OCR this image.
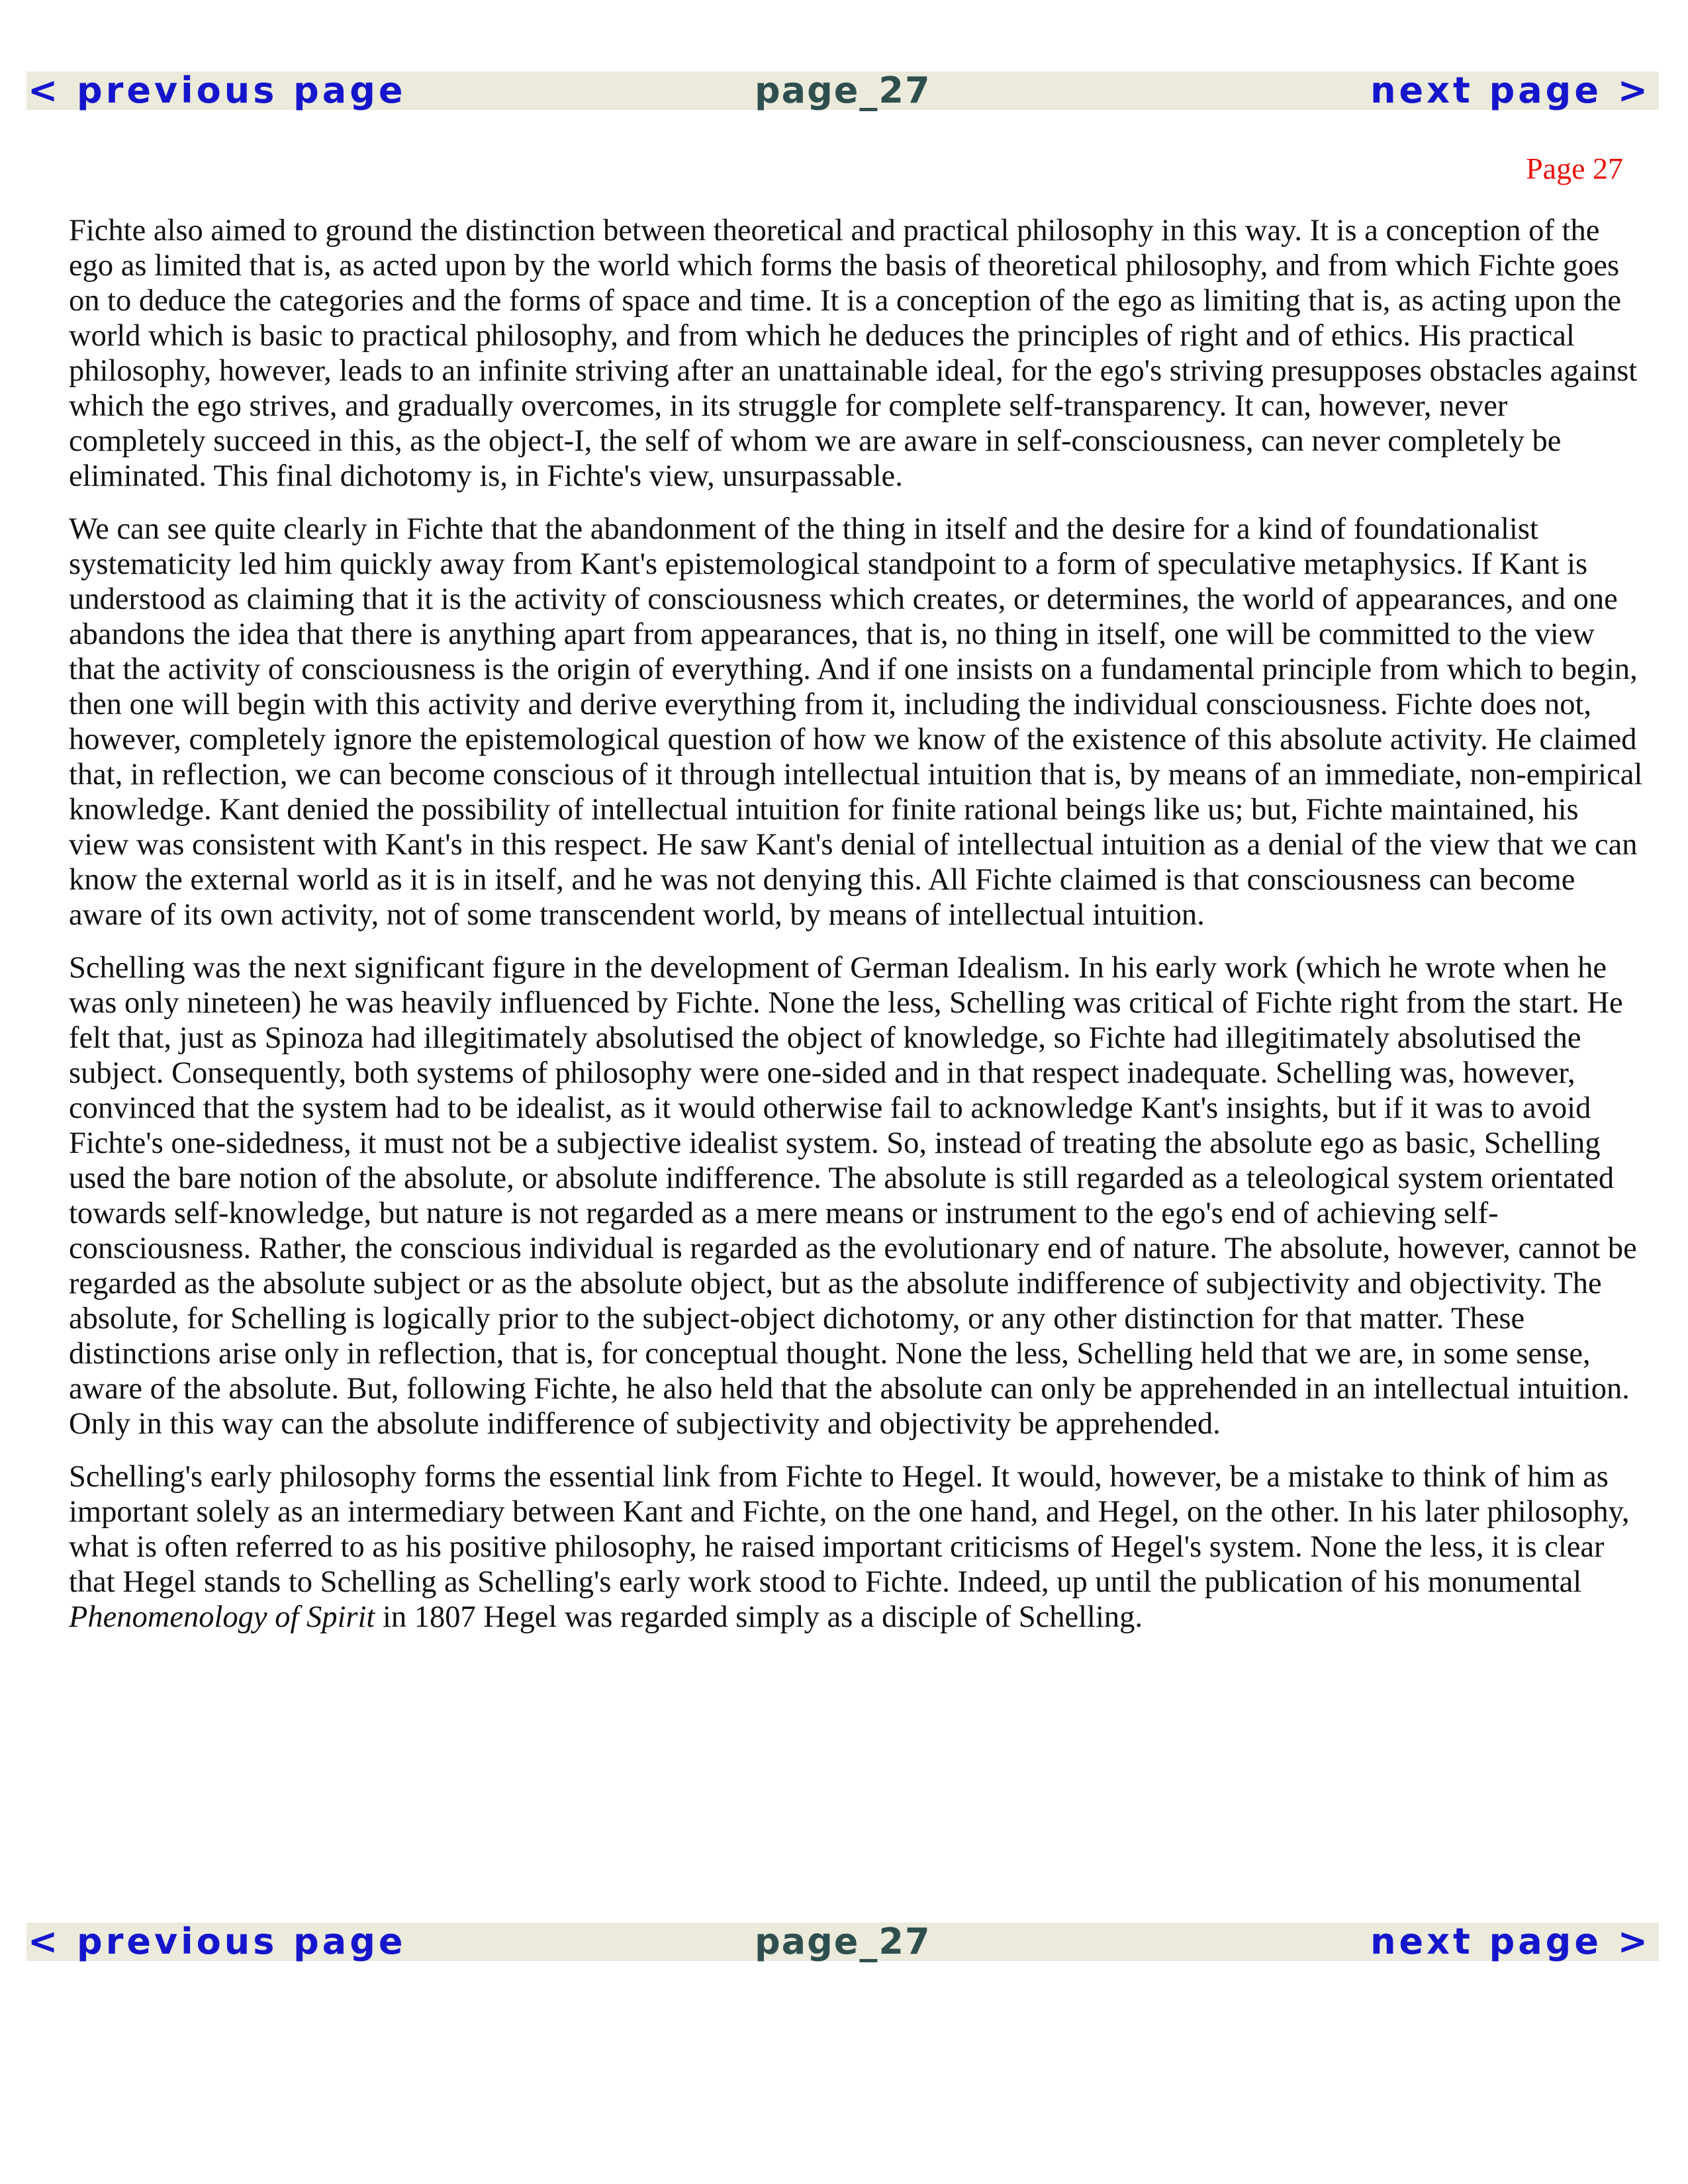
< previous page	page_27	next page >
Page 27

Fichte also aimed to ground the distinction between theoretical and practical philosophy in this way. It is a conception of the ego as limited that is, as acted upon by the world which forms the basis of theoretical philosophy, and from which Fichte goes on to deduce the categories and the forms of space and time. It is a conception of the ego as limiting that is, as acting upon the world which is basic to practical philosophy, and from which he deduces the principles of right and of ethics. His practical philosophy, however, leads to an infinite striving after an unattainable ideal, for the ego's striving presupposes obstacles against which the ego strives, and gradually overcomes, in its struggle for complete self-transparency. It can, however, never completely succeed in this, as the object-I, the self of whom we are aware in self-consciousness, can never completely be eliminated. This final dichotomy is, in Fichte's view, unsurpassable.

We can see quite clearly in Fichte that the abandonment of the thing in itself and the desire for a kind of foundationalist systematicity led him quickly away from Kant's epistemological standpoint to a form of speculative metaphysics. If Kant is understood as claiming that it is the activity of consciousness which creates, or determines, the world of appearances, and one abandons the idea that there is anything apart from appearances, that is, no thing in itself, one will be committed to the view that the activity of consciousness is the origin of everything. And if one insists on a fundamental principle from which to begin, then one will begin with this activity and derive everything from it, including the individual consciousness. Fichte does not, however, completely ignore the epistemological question of how we know of the existence of this absolute activity. He claimed that, in reflection, we can become conscious of it through intellectual intuition that is, by means of an immediate, non-empirical knowledge. Kant denied the possibility of intellectual intuition for finite rational beings like us; but, Fichte maintained, his view was consistent with Kant's in this respect. He saw Kant's denial of intellectual intuition as a denial of the view that we can know the external world as it is in itself, and he was not denying this. All Fichte claimed is that consciousness can become aware of its own activity, not of some transcendent world, by means of intellectual intuition.

Schelling was the next significant figure in the development of German Idealism. In his early work (which he wrote when he was only nineteen) he was heavily influenced by Fichte. None the less, Schelling was critical of Fichte right from the start. He felt that, just as Spinoza had illegitimately absolutised the object of knowledge, so Fichte had illegitimately absolutised the subject. Consequently, both systems of philosophy were one-sided and in that respect inadequate. Schelling was, however, convinced that the system had to be idealist, as it would otherwise fail to acknowledge Kant's insights, but if it was to avoid Fichte's one-sidedness, it must not be a subjective idealist system. So, instead of treating the absolute ego as basic, Schelling used the bare notion of the absolute, or absolute indifference. The absolute is still regarded as a teleological system orientated towards self-knowledge, but nature is not regarded as a mere means or instrument to the ego's end of achieving self-consciousness. Rather, the conscious individual is regarded as the evolutionary end of nature. The absolute, however, cannot be regarded as the absolute subject or as the absolute object, but as the absolute indifference of subjectivity and objectivity. The absolute, for Schelling is logically prior to the subject-object dichotomy, or any other distinction for that matter. These distinctions arise only in reflection, that is, for conceptual thought. None the less, Schelling held that we are, in some sense, aware of the absolute. But, following Fichte, he also held that the absolute can only be apprehended in an intellectual intuition. Only in this way can the absolute indifference of subjectivity and objectivity be apprehended.

Schelling's early philosophy forms the essential link from Fichte to Hegel. It would, however, be a mistake to think of him as important solely as an intermediary between Kant and Fichte, on the one hand, and Hegel, on the other. In his later philosophy, what is often referred to as his positive philosophy, he raised important criticisms of Hegel's system. None the less, it is clear that Hegel stands to Schelling as Schelling's early work stood to Fichte. Indeed, up until the publication of his monumental Phenomenology of Spirit in 1807 Hegel was regarded simply as a disciple of Schelling.

< previous page	page_27	next page >
